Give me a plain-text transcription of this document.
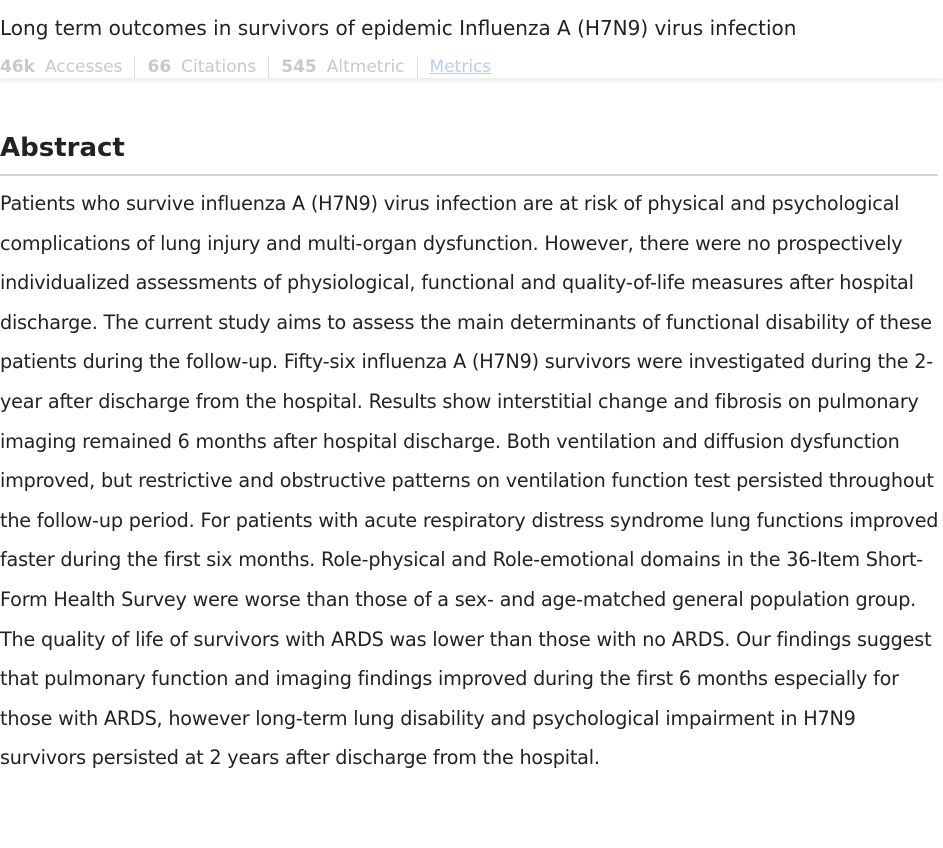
Long term outcomes in survivors of epidemic Influenza A (H7N9) virus infection
46k Accesses 66 Citations 545 Altmetric	Metrics
Abstract

Patients who survive influenza A (H7N9) virus infection are at risk of physical and psychological complications of lung injury and multi-organ dysfunction. However, there were no prospectively individualized assessments of physiological, functional and quality-of-life measures after hospital discharge. The current study aims to assess the main determinants of functional disability of these patients during the follow-up. Fifty-six influenza A (H7N9) survivors were investigated during the 2-year after discharge from the hospital. Results show interstitial change and fibrosis on pulmonary imaging remained 6 months after hospital discharge. Both ventilation and diffusion dysfunction improved, but restrictive and obstructive patterns on ventilation function test persisted throughout the follow-up period. For patients with acute respiratory distress syndrome lung functions improved faster during the first six months. Role-physical and Role-emotional domains in the 36-Item Short-Form Health Survey were worse than those of a sex- and age-matched general population group. The quality of life of survivors with ARDS was lower than those with no ARDS. Our findings suggest that pulmonary function and imaging findings improved during the first 6 months especially for those with ARDS, however long-term lung disability and psychological impairment in H7N9 survivors persisted at 2 years after discharge from the hospital.
